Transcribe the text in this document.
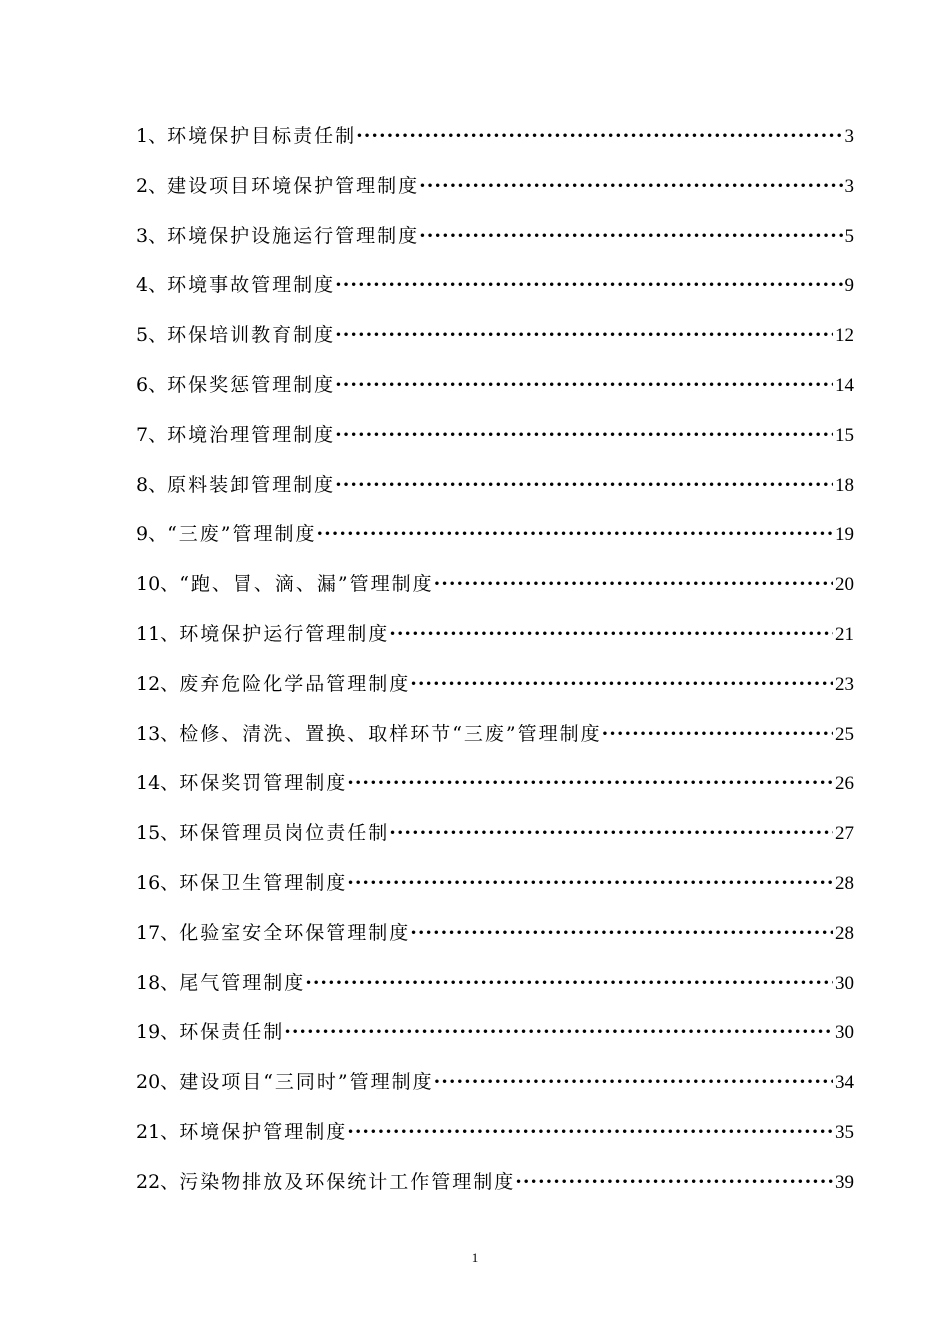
1、 环境保护目标责任制 ·····	3
2、 建设项目环境保护管理制度 ·····	3
3、 环境保护设施运行管理制度 ·····	5
4、 环境事故管理制度 ·····	9
5、 环保培训教育制度 ·····	12
6、 环保奖惩管理制度 ·····	14
7、 环境治理管理制度 ·····	15
8、 原料装卸管理制度 ·····	18
9、 “三废”管理制度 ·····	19
10、 “跑、冒、滴、漏”管理制度 ·····	20
11、 环境保护运行管理制度 ·····	21
12、 废弃危险化学品管理制度 ·····	23
13、 检修、清洗、置换、取样环节“三废”管理制度 ·····	25
14、 环保奖罚管理制度 ·····	26
15、 环保管理员岗位责任制 ·····	27
16、 环保卫生管理制度 ·····	28
17、 化验室安全环保管理制度 ·····	28
18、 尾气管理制度 ·····	30
19、 环保责任制 ·····	30
20、 建设项目“三同时”管理制度 ·····	34
21、 环境保护管理制度 ·····	35
22、 污染物排放及环保统计工作管理制度 ·····	39
1
